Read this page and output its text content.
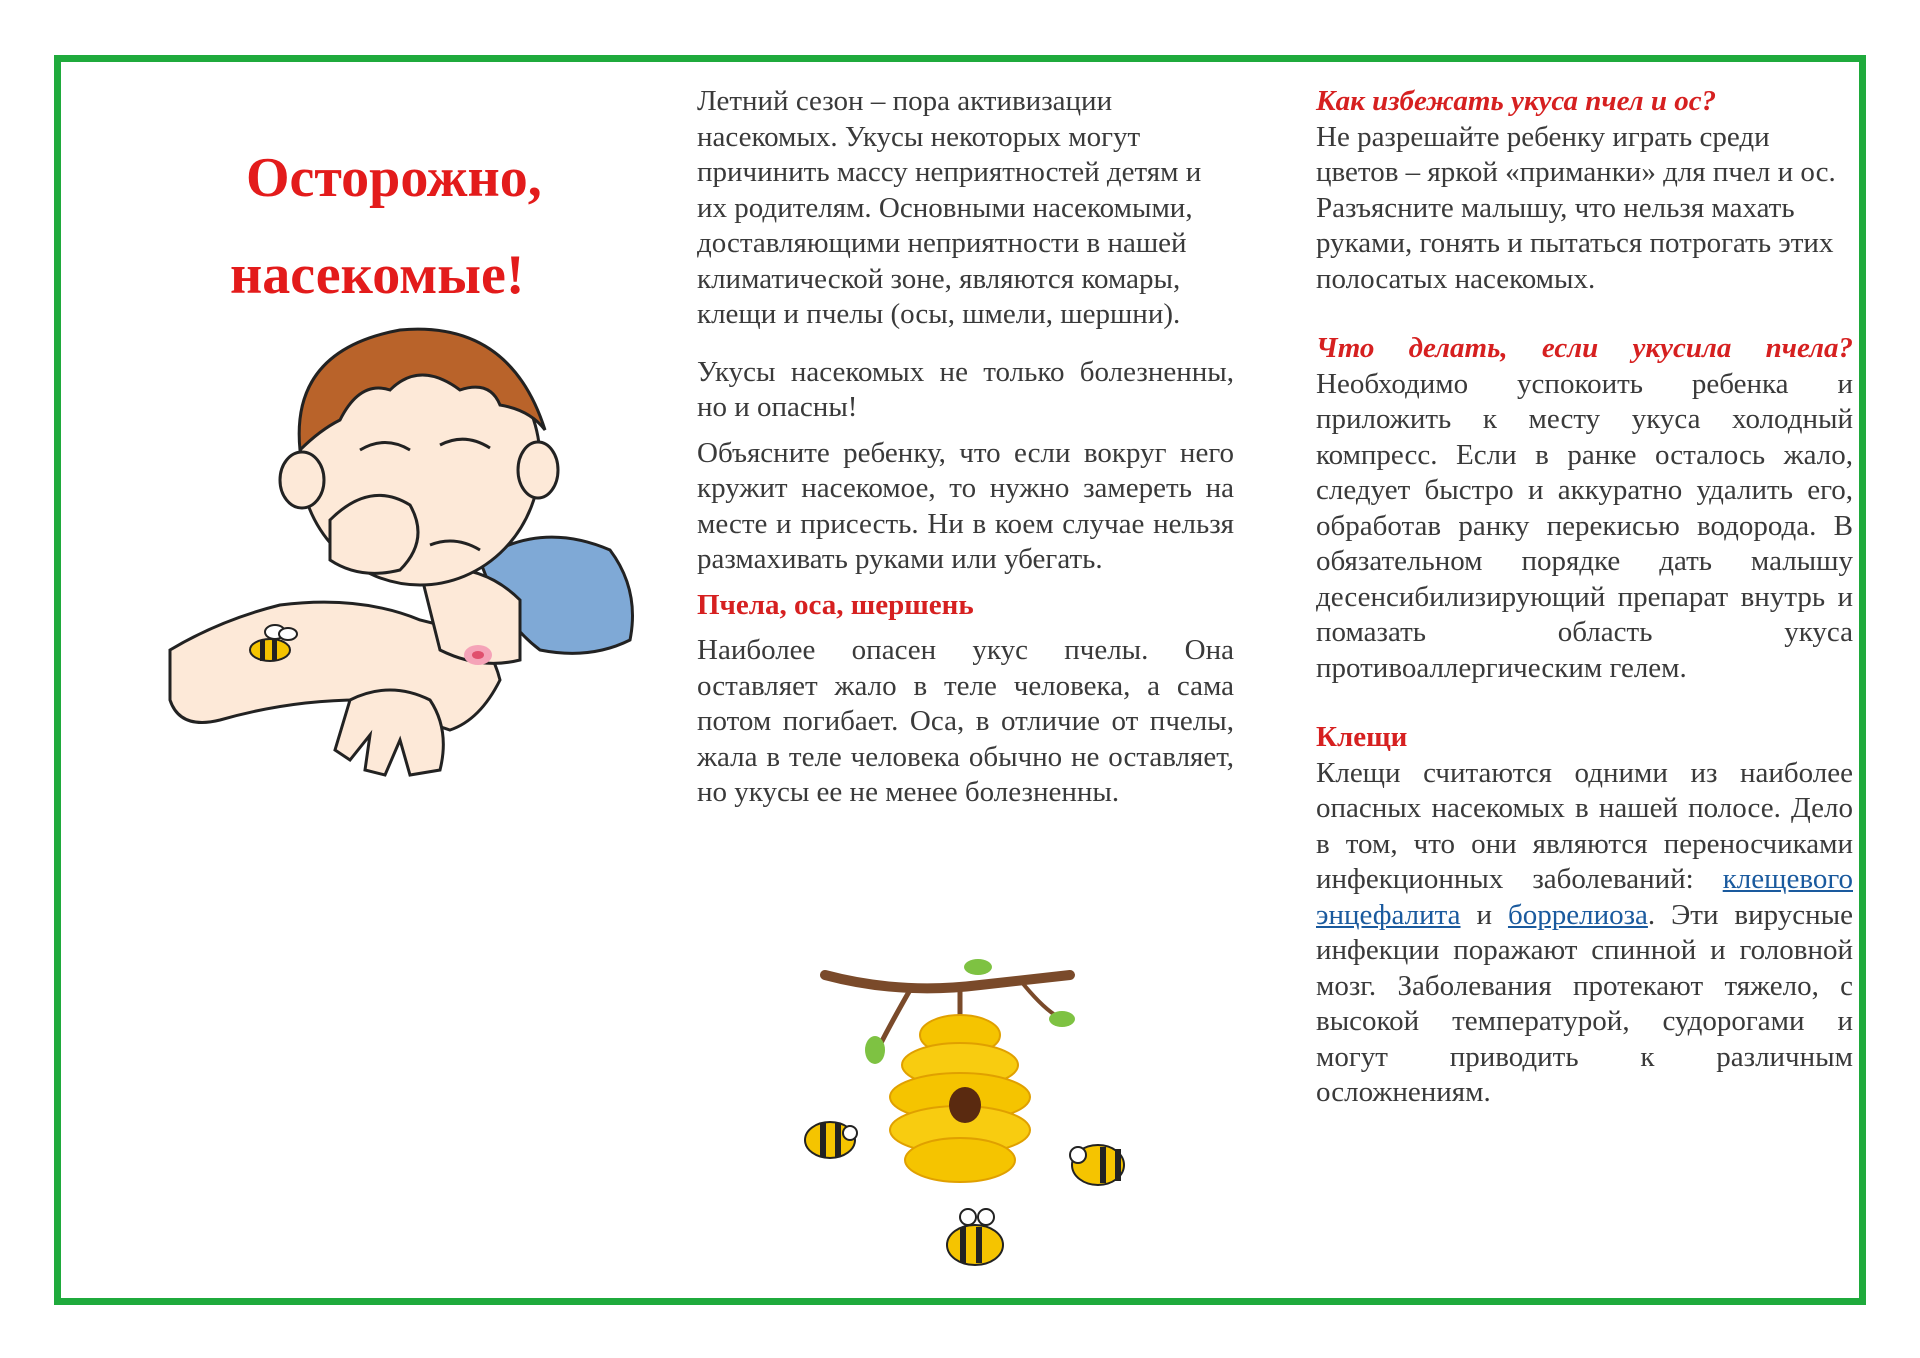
Осторожно,
насекомые!

Летний сезон – пора активизации насекомых. Укусы некоторых могут причинить массу неприятностей детям и их родителям. Основными насекомыми, доставляющими неприятности в нашей климатической зоне, являются комары, клещи и пчелы (осы, шмели, шершни).

Укусы насекомых не только болезненны, но и опасны!

Объясните ребенку, что если вокруг него кружит насекомое, то нужно замереть на месте и присесть. Ни в коем случае нельзя размахивать руками или убегать.

Пчела, оса, шершень

Наиболее опасен укус пчелы. Она оставляет жало в теле человека, а сама потом погибает. Оса, в отличие от пчелы, жала в теле человека обычно не оставляет, но укусы ее не менее болезненны.

Как избежать укуса пчел и ос?

Не разрешайте ребенку играть среди цветов – яркой «приманки» для пчел и ос. Разъясните малышу, что нельзя махать руками, гонять и пытаться потрогать этих полосатых насекомых.

Что делать, если укусила пчела?

Необходимо успокоить ребенка и приложить к месту укуса холодный компресс. Если в ранке осталось жало, следует быстро и аккуратно удалить его, обработав ранку перекисью водорода. В обязательном порядке дать малышу десенсибилизирующий препарат внутрь и помазать область укуса противоаллергическим гелем.

Клещи

Клещи считаются одними из наиболее опасных насекомых в нашей полосе. Дело в том, что они являются переносчиками инфекционных заболеваний: клещевого энцефалита и боррелиоза. Эти вирусные инфекции поражают спинной и головной мозг. Заболевания протекают тяжело, с высокой температурой, судорогами и могут приводить к различным осложнениям.
